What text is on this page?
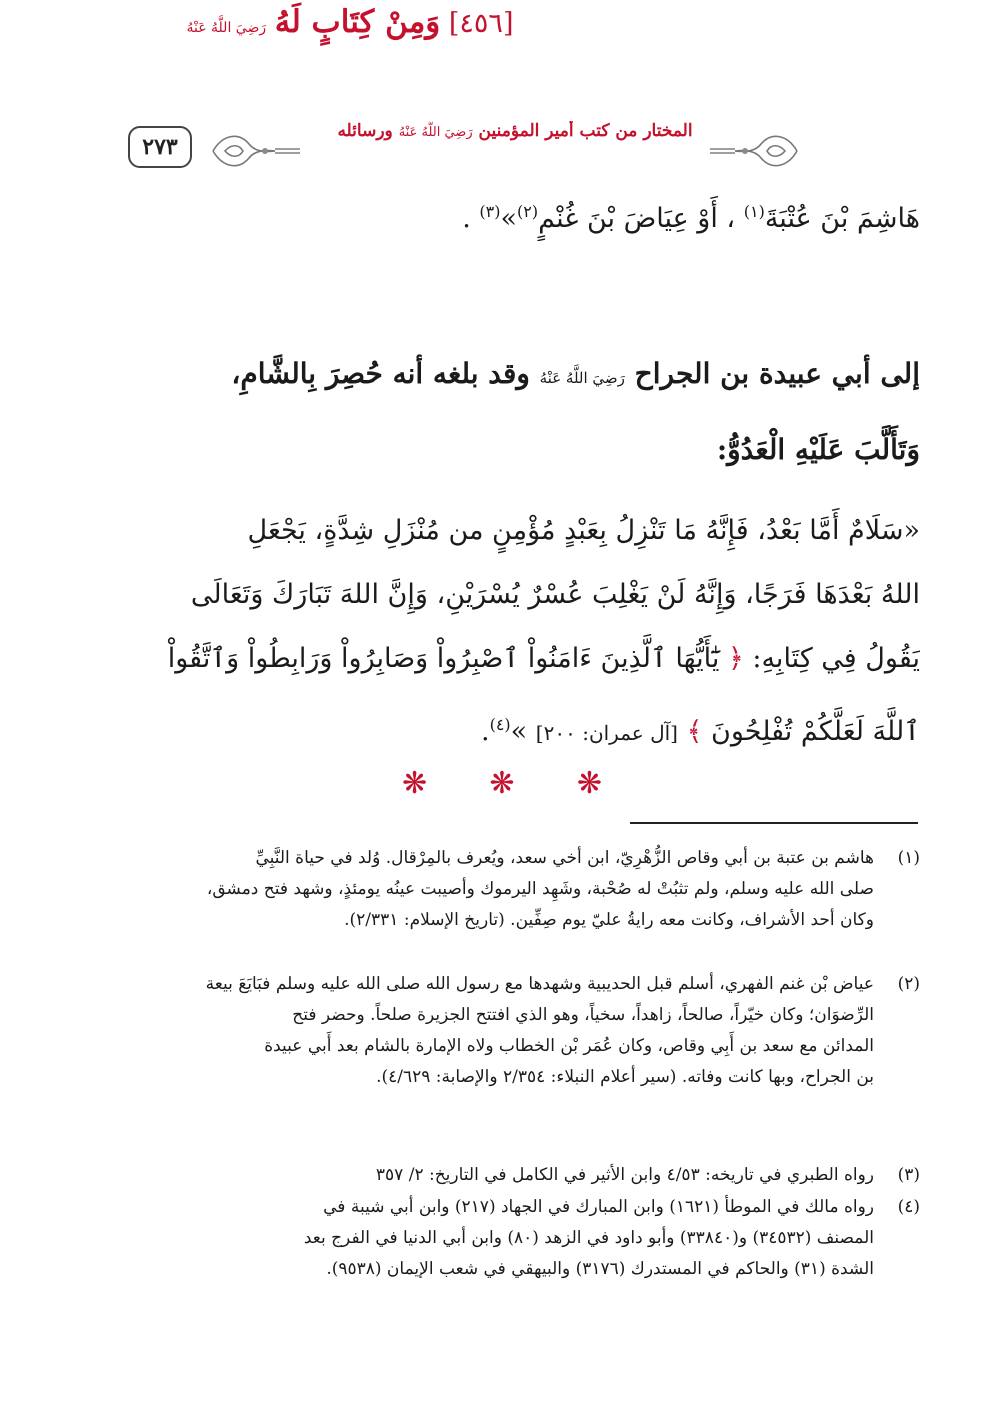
٢٧٣
المختار من كتب أمير المؤمنين رَضِيَ اللَّهُ عَنْهُ ورسائله
هَاشِمَ بْنَ عُتْبَةَ$^{(١)}$ ، أَوْ عِيَاضَ بْنَ غُنْمٍ$^{(٢)}$»$^{(٣)}$ .
[٤٥٦] وَمِنْ كِتَابٍ لَهُ رَضِيَ اللَّهُ عَنْهُ
إلى أبي عبيدة بن الجراح رَضِيَ اللَّهُ عَنْهُ وقد بلغه أنه حُصِرَ بِالشَّامِ،
وَتَأَلَّبَ عَلَيْهِ الْعَدُوُّ:
«سَلَامٌ أَمَّا بَعْدُ، فَإِنَّهُ مَا تَنْزِلُ بِعَبْدٍ مُؤْمِنٍ من مُنْزَلِ شِدَّةٍ، يَجْعَلِ
اللهُ بَعْدَهَا فَرَجًا، وَإِنَّهُ لَنْ يَغْلِبَ عُسْرٌ يُسْرَيْنِ، وَإِنَّ اللهَ تَبَارَكَ وَتَعَالَى
يَقُولُ فِي كِتَابِهِ: ﴿ يَٰٓأَيُّهَا ٱلَّذِينَ ءَامَنُواْ ٱصْبِرُواْ وَصَابِرُواْ وَرَابِطُواْ وَٱتَّقُواْ
ٱللَّهَ لَعَلَّكُمْ تُفْلِحُونَ ﴾ [آل عمران: ٢٠٠] »$^{(٤)}$.
❋ ❋ ❋
(١)
هاشم بن عتبة بن أبي وقاص الزُّهْرِيّ، ابن أخي سعد، ويُعرف بالمِرْقال. وُلد في حياة النَّبِيِّ
صلى الله عليه وسلم، ولم تثبُتْ له صُحْبة، وشَهِد اليرموك وأصيبت عينُه يومئذٍ، وشهد فتح دمشق،
وكان أحد الأشراف، وكانت معه رايةُ عليّ يوم صِفِّين. (تاريخ الإسلام: ٢/٣٣١).
(٢)
عياض بْن غنم الفهري، أسلم قبل الحديبية وشهدها مع رسول الله صلى الله عليه وسلم فبَايَعَ بيعة
الرِّضوَان؛ وكان خيّراً، صالحاً، زاهداً، سخياً، وهو الذي افتتح الجزيرة صلحاً. وحضر فتح
المدائن مع سعد بن أَبِي وقاص، وكان عُمَر بْن الخطاب ولاه الإمارة بالشام بعد أَبي عبيدة
بن الجراح، وبها كانت وفاته. (سير أعلام النبلاء: ٢/٣٥٤ والإصابة: ٤/٦٢٩).
(٣)
رواه الطبري في تاريخه: ٤/٥٣ وابن الأثير في الكامل في التاريخ: ٢/ ٣٥٧
(٤)
رواه مالك في الموطأ (١٦٢١) وابن المبارك في الجهاد (٢١٧) وابن أبي شيبة في
المصنف (٣٤٥٣٢) و(٣٣٨٤٠) وأبو داود في الزهد (٨٠) وابن أبي الدنيا في الفرج بعد
الشدة (٣١) والحاكم في المستدرك (٣١٧٦) والبيهقي في شعب الإيمان (٩٥٣٨).
